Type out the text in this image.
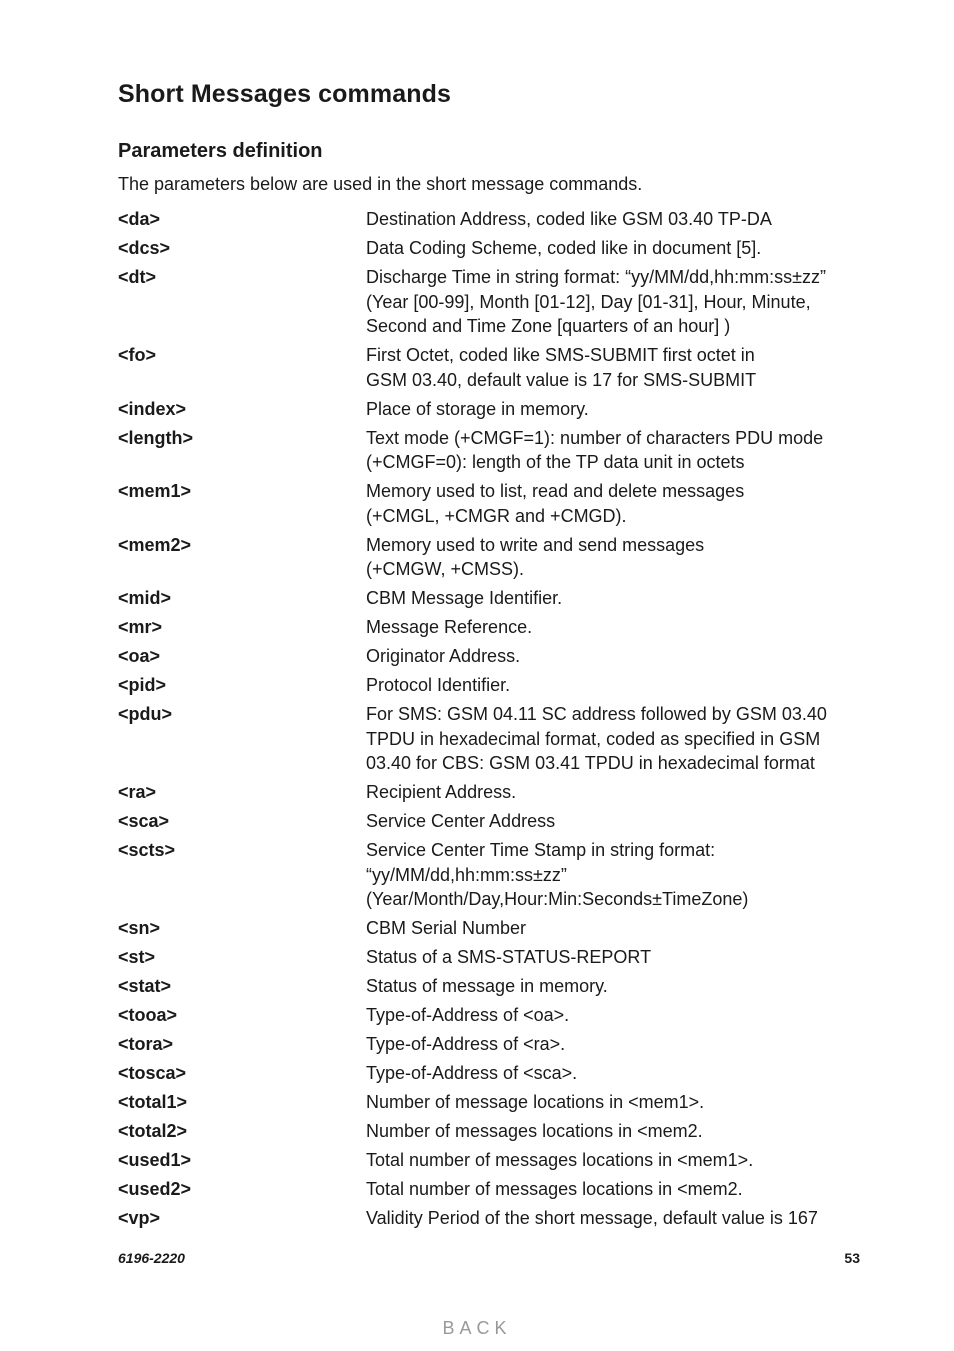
Short Messages commands
Parameters definition

The parameters below are used in the short message commands.

<da>	Destination Address, coded like GSM 03.40 TP-DA
<dcs>	Data Coding Scheme, coded like in document [5].
<dt>	Discharge Time in string format: “yy/MM/dd,hh:mm:ss±zz”
(Year [00-99], Month [01-12], Day [01-31], Hour, Minute,
Second and Time Zone [quarters of an hour] )
<fo>	First Octet, coded like SMS-SUBMIT first octet in
GSM 03.40, default value is 17 for SMS-SUBMIT
<index>	Place of storage in memory.
<length>	Text mode (+CMGF=1): number of characters PDU mode
(+CMGF=0): length of the TP data unit in octets
<mem1>	Memory used to list, read and delete messages
(+CMGL, +CMGR and +CMGD).
<mem2>	Memory used to write and send messages
(+CMGW, +CMSS).
<mid>	CBM Message Identifier.
<mr>	Message Reference.
<oa>	Originator Address.
<pid>	Protocol Identifier.
<pdu>	For SMS: GSM 04.11 SC address followed by GSM 03.40
TPDU in hexadecimal format, coded as specified in GSM
03.40 for CBS: GSM 03.41 TPDU in hexadecimal format
<ra>	Recipient Address.
<sca>	Service Center Address
<scts>	Service Center Time Stamp in string format:
“yy/MM/dd,hh:mm:ss±zz”
(Year/Month/Day,Hour:Min:Seconds±TimeZone)
<sn>	CBM Serial Number
<st>	Status of a SMS-STATUS-REPORT
<stat>	Status of message in memory.
<tooa>	Type-of-Address of <oa>.
<tora>	Type-of-Address of <ra>.
<tosca>	Type-of-Address of <sca>.
<total1>	Number of message locations in <mem1>.
<total2>	Number of messages locations in <mem2.
<used1>	Total number of messages locations in <mem1>.
<used2>	Total number of messages locations in <mem2.
<vp>	Validity Period of the short message, default value is 167
6196-2220	53
BACK
